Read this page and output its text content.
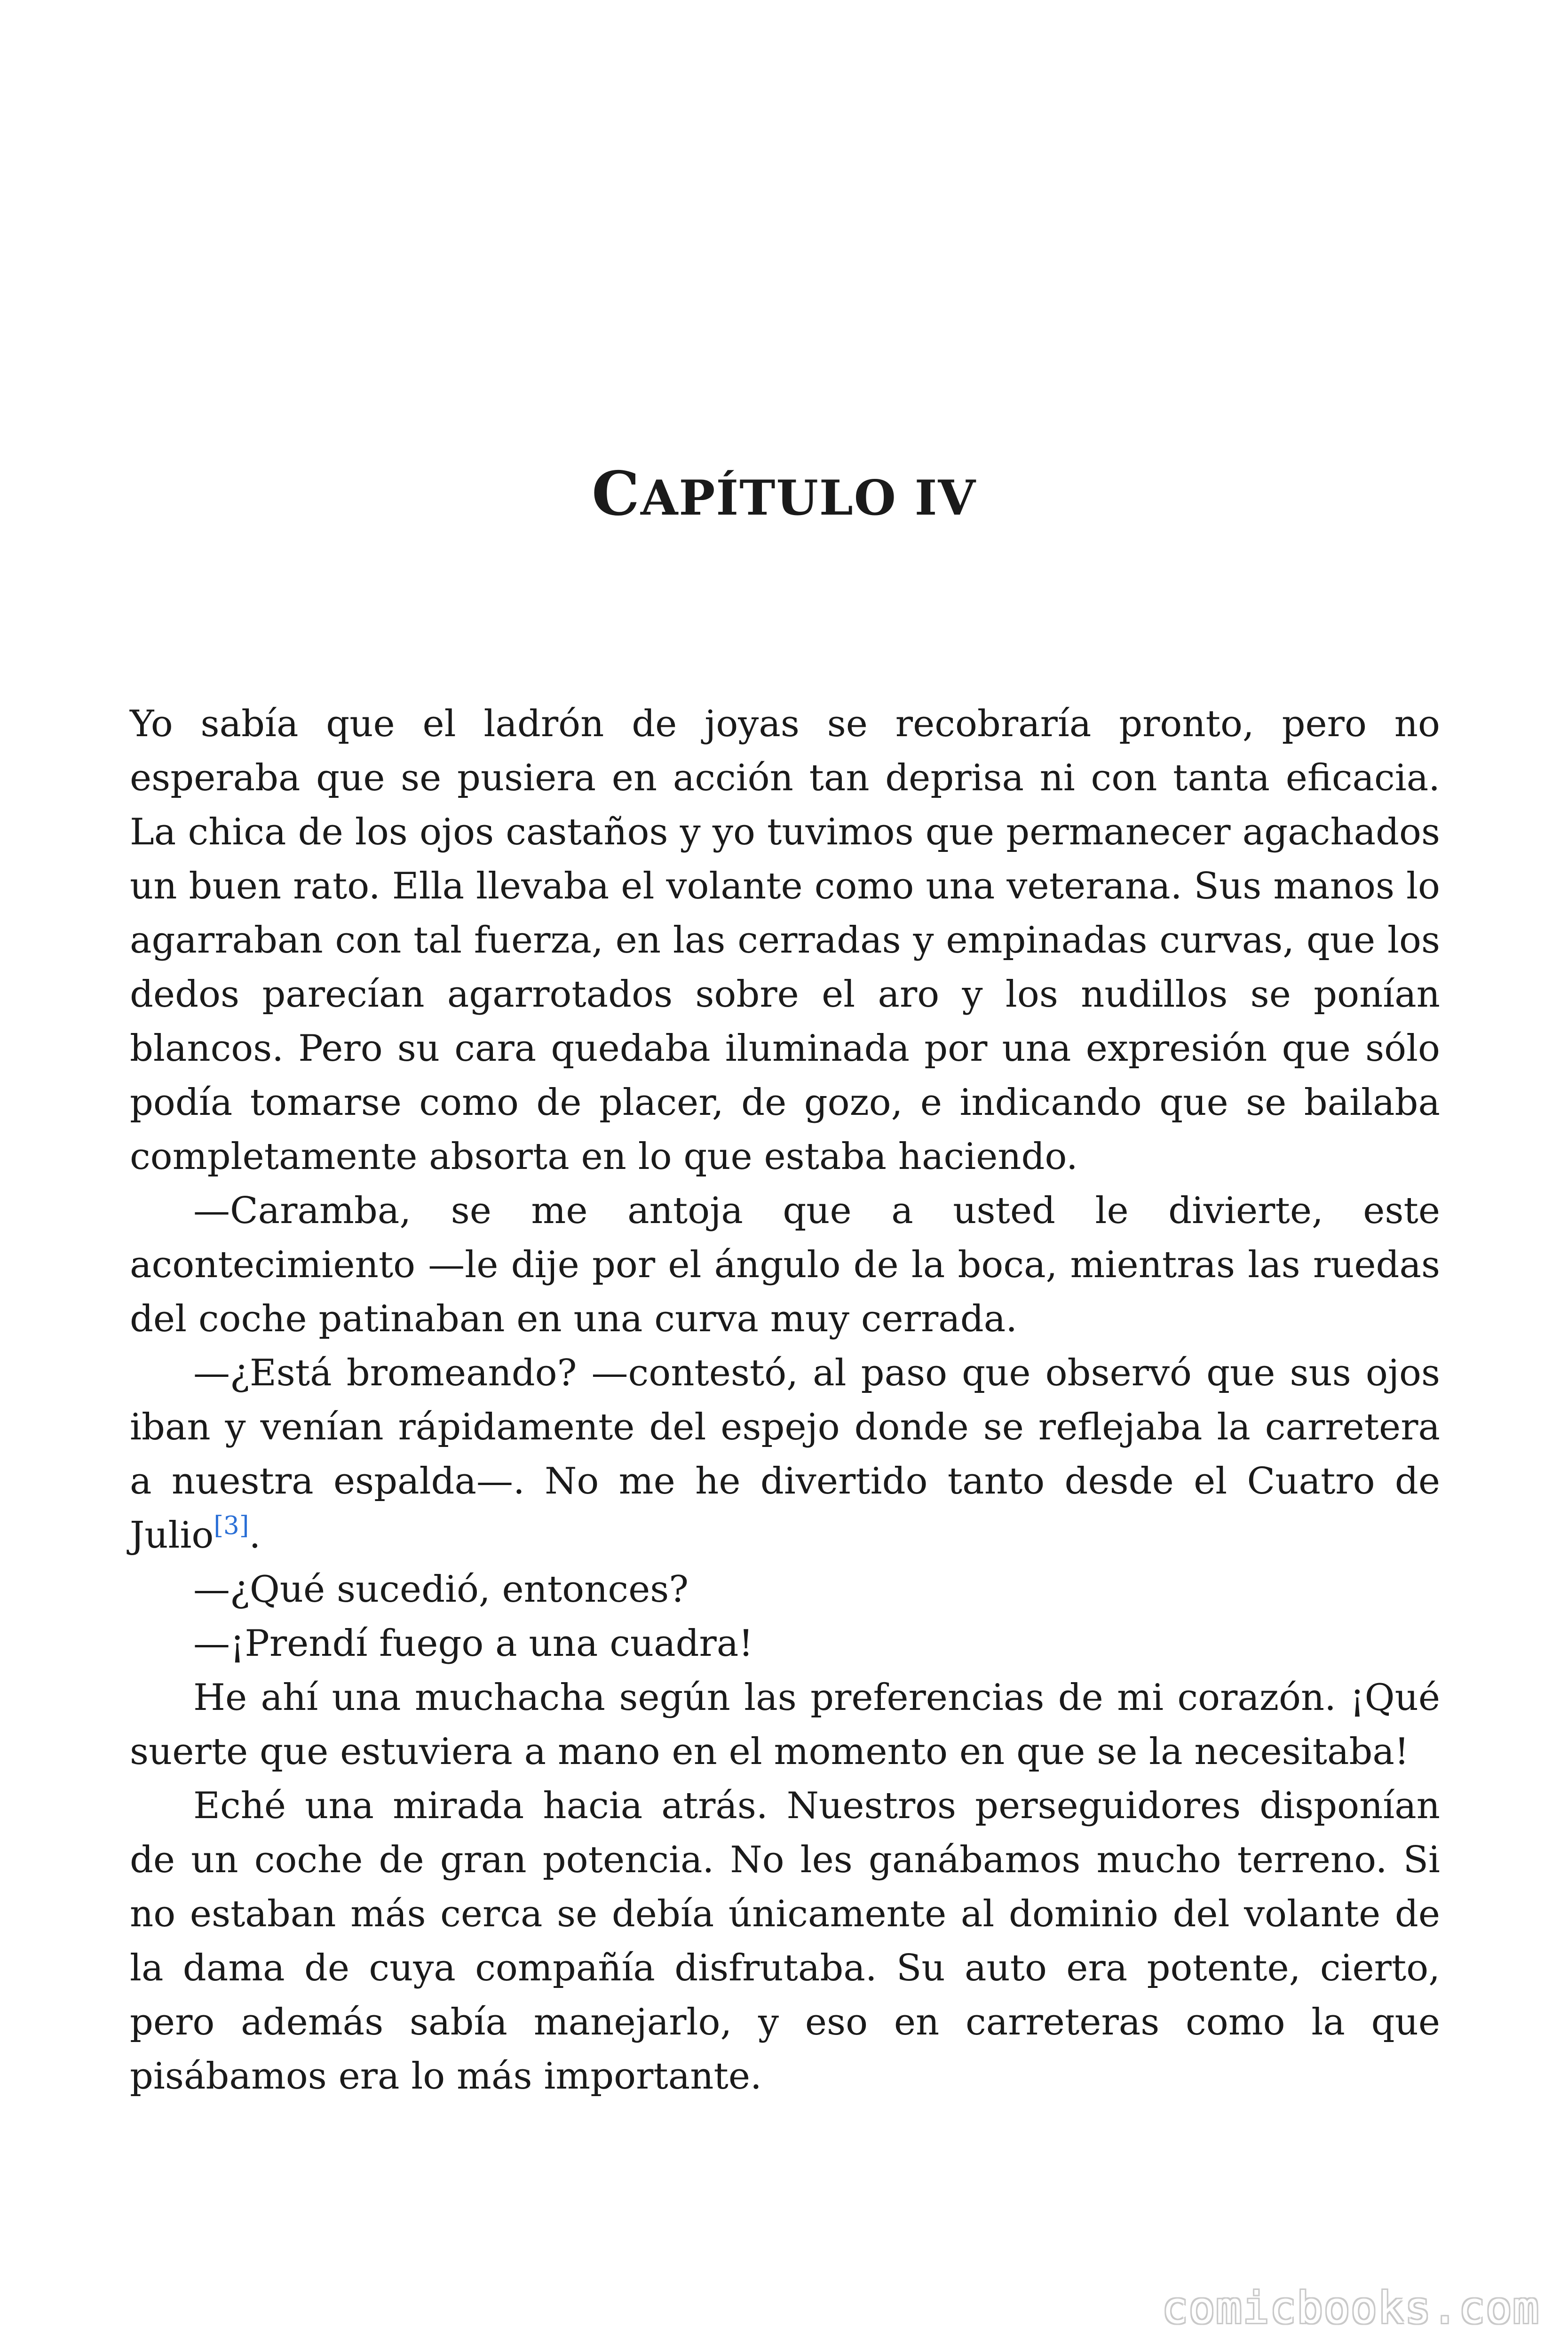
CAPÍTULO IV

Yo sabía que el ladrón de joyas se recobraría pronto, pero no esperaba que se pusiera en acción tan deprisa ni con tanta eficacia. La chica de los ojos castaños y yo tuvimos que permanecer agachados un buen rato. Ella llevaba el volante como una veterana. Sus manos lo agarraban con tal fuerza, en las cerradas y empinadas curvas, que los dedos parecían agarrotados sobre el aro y los nudillos se ponían blancos. Pero su cara quedaba iluminada por una expresión que sólo podía tomarse como de placer, de gozo, e indicando que se bailaba completamente absorta en lo que estaba haciendo.

—Caramba, se me antoja que a usted le divierte, este acontecimiento —le dije por el ángulo de la boca, mientras las ruedas del coche patinaban en una curva muy cerrada.

—¿Está bromeando? —contestó, al paso que observó que sus ojos iban y venían rápidamente del espejo donde se reflejaba la carretera a nuestra espalda—. No me he divertido tanto desde el Cuatro de Julio[3].

—¿Qué sucedió, entonces?

—¡Prendí fuego a una cuadra!

He ahí una muchacha según las preferencias de mi corazón. ¡Qué suerte que estuviera a mano en el momento en que se la necesitaba!

Eché una mirada hacia atrás. Nuestros perseguidores disponían de un coche de gran potencia. No les ganábamos mucho terreno. Si no estaban más cerca se debía únicamente al dominio del volante de la dama de cuya compañía disfrutaba. Su auto era potente, cierto, pero además sabía manejarlo, y eso en carreteras como la que pisábamos era lo más importante.

comicbooks.com
